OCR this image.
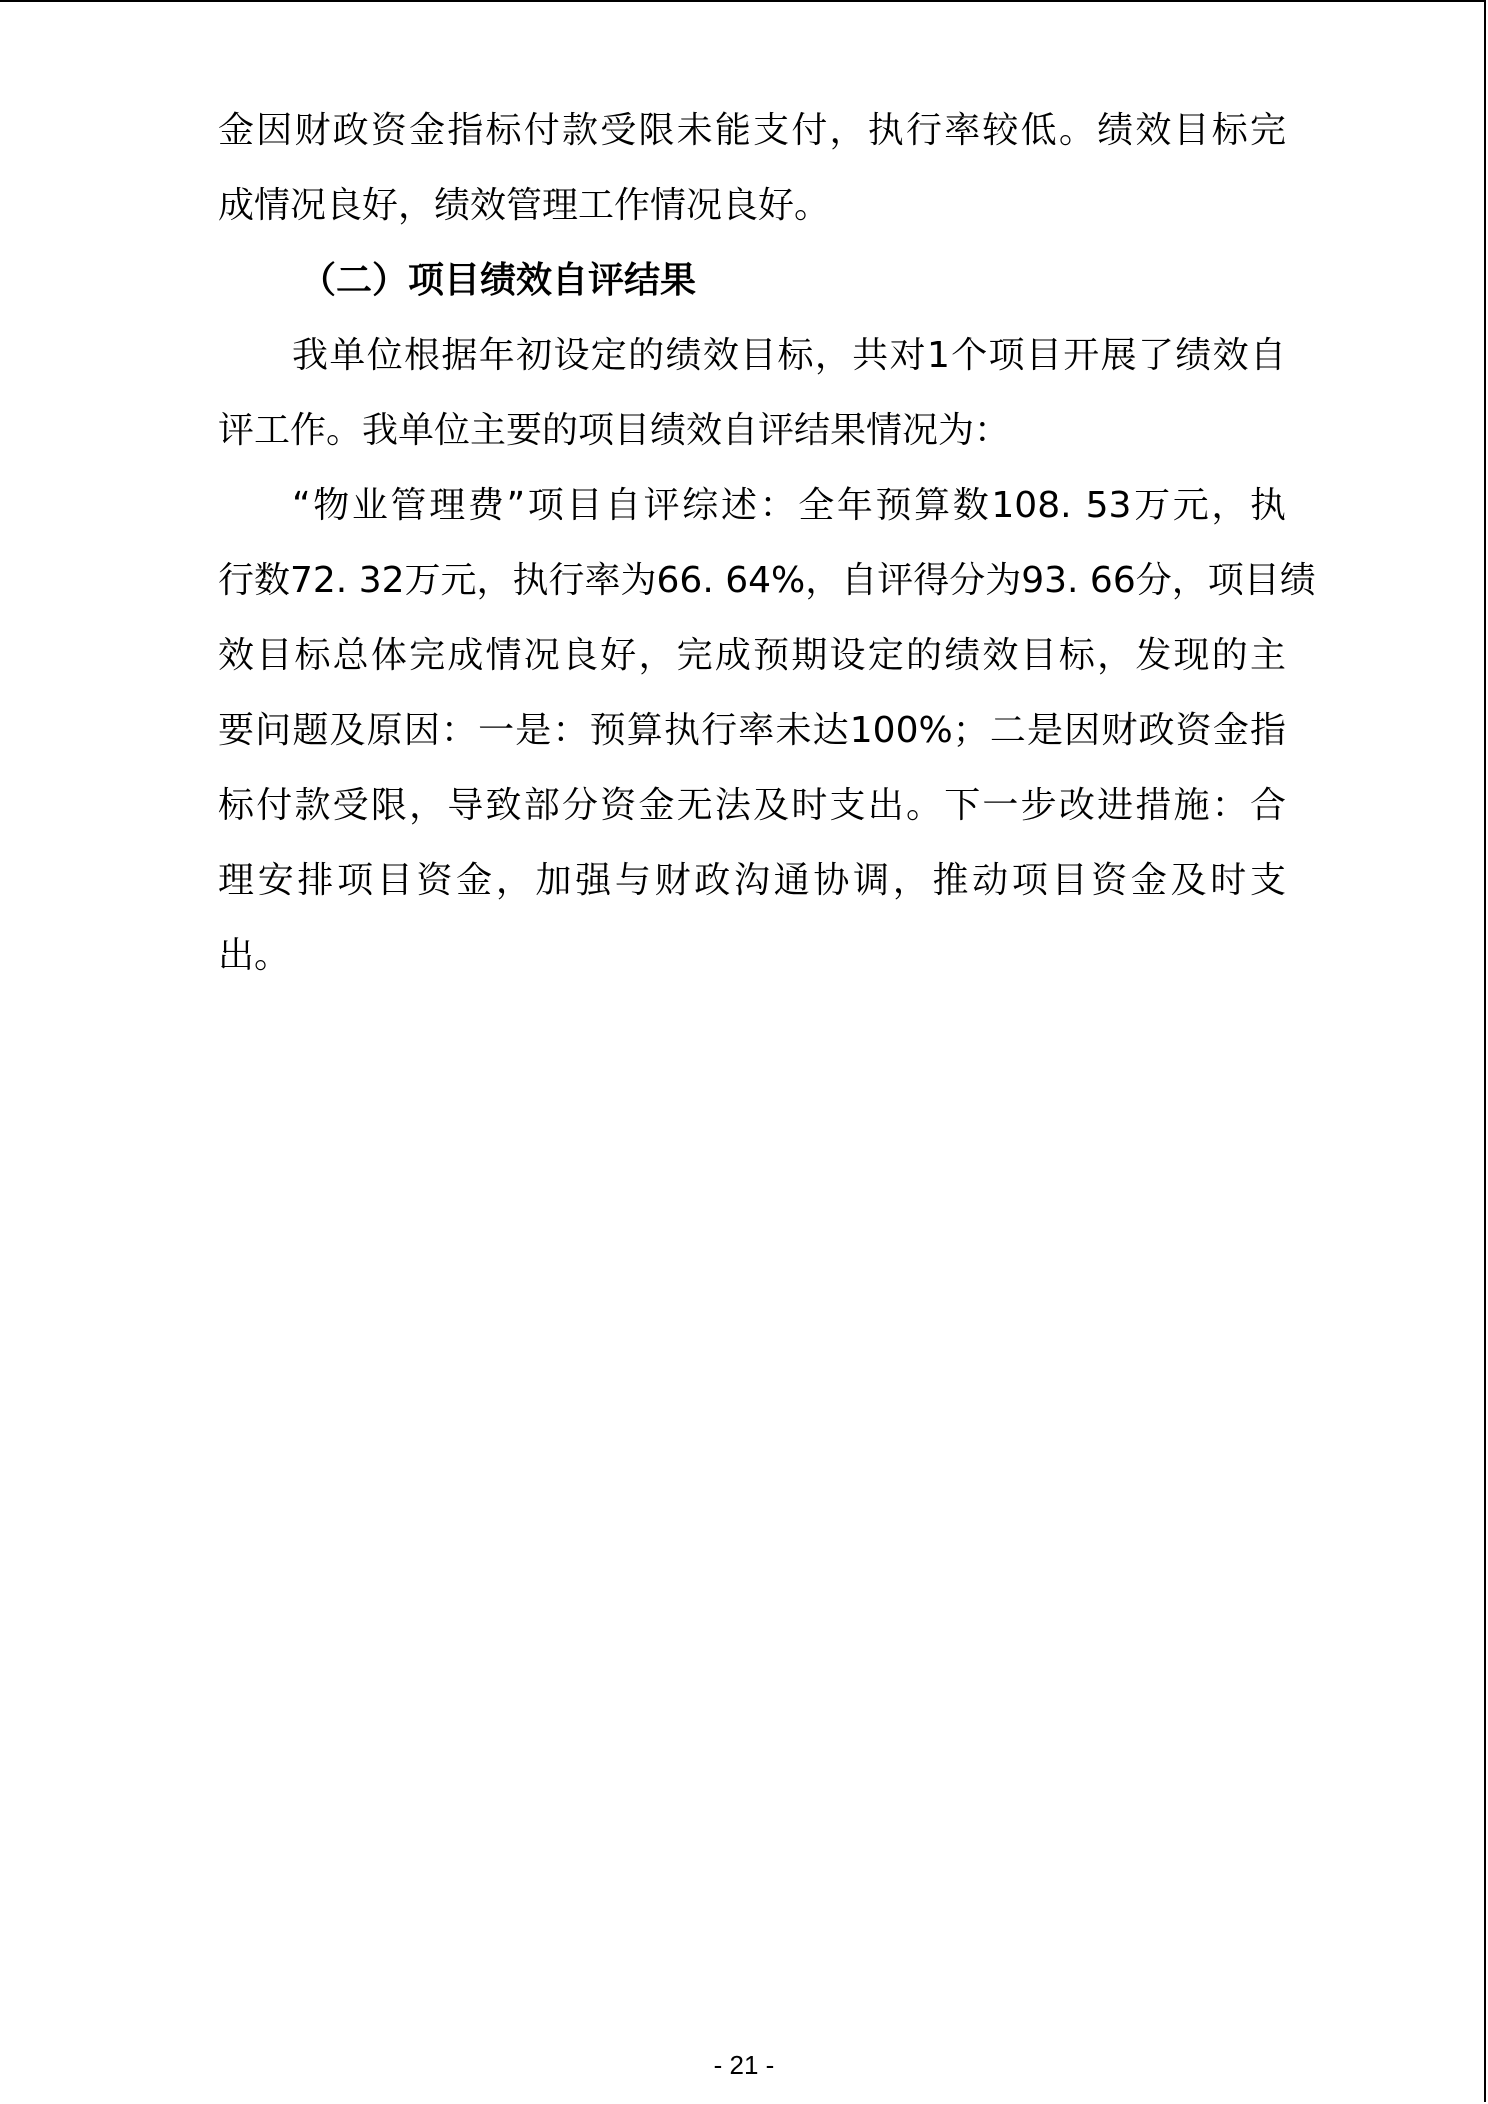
金因财政资金指标付款受限未能支付，执行率较低。绩效目标完
成情况良好，绩效管理工作情况良好。
（二）项目绩效自评结果
我单位根据年初设定的绩效目标，共对1个项目开展了绩效自
评工作。我单位主要的项目绩效自评结果情况为：
“物业管理费”项目自评综述：全年预算数108. 53万元，执
行数72. 32万元，执行率为66. 64%，自评得分为93. 66分，项目绩
效目标总体完成情况良好，完成预期设定的绩效目标，发现的主
要问题及原因：一是：预算执行率未达100%；二是因财政资金指
标付款受限，导致部分资金无法及时支出。下一步改进措施：合
理安排项目资金，加强与财政沟通协调，推动项目资金及时支
出。
- 21 -
